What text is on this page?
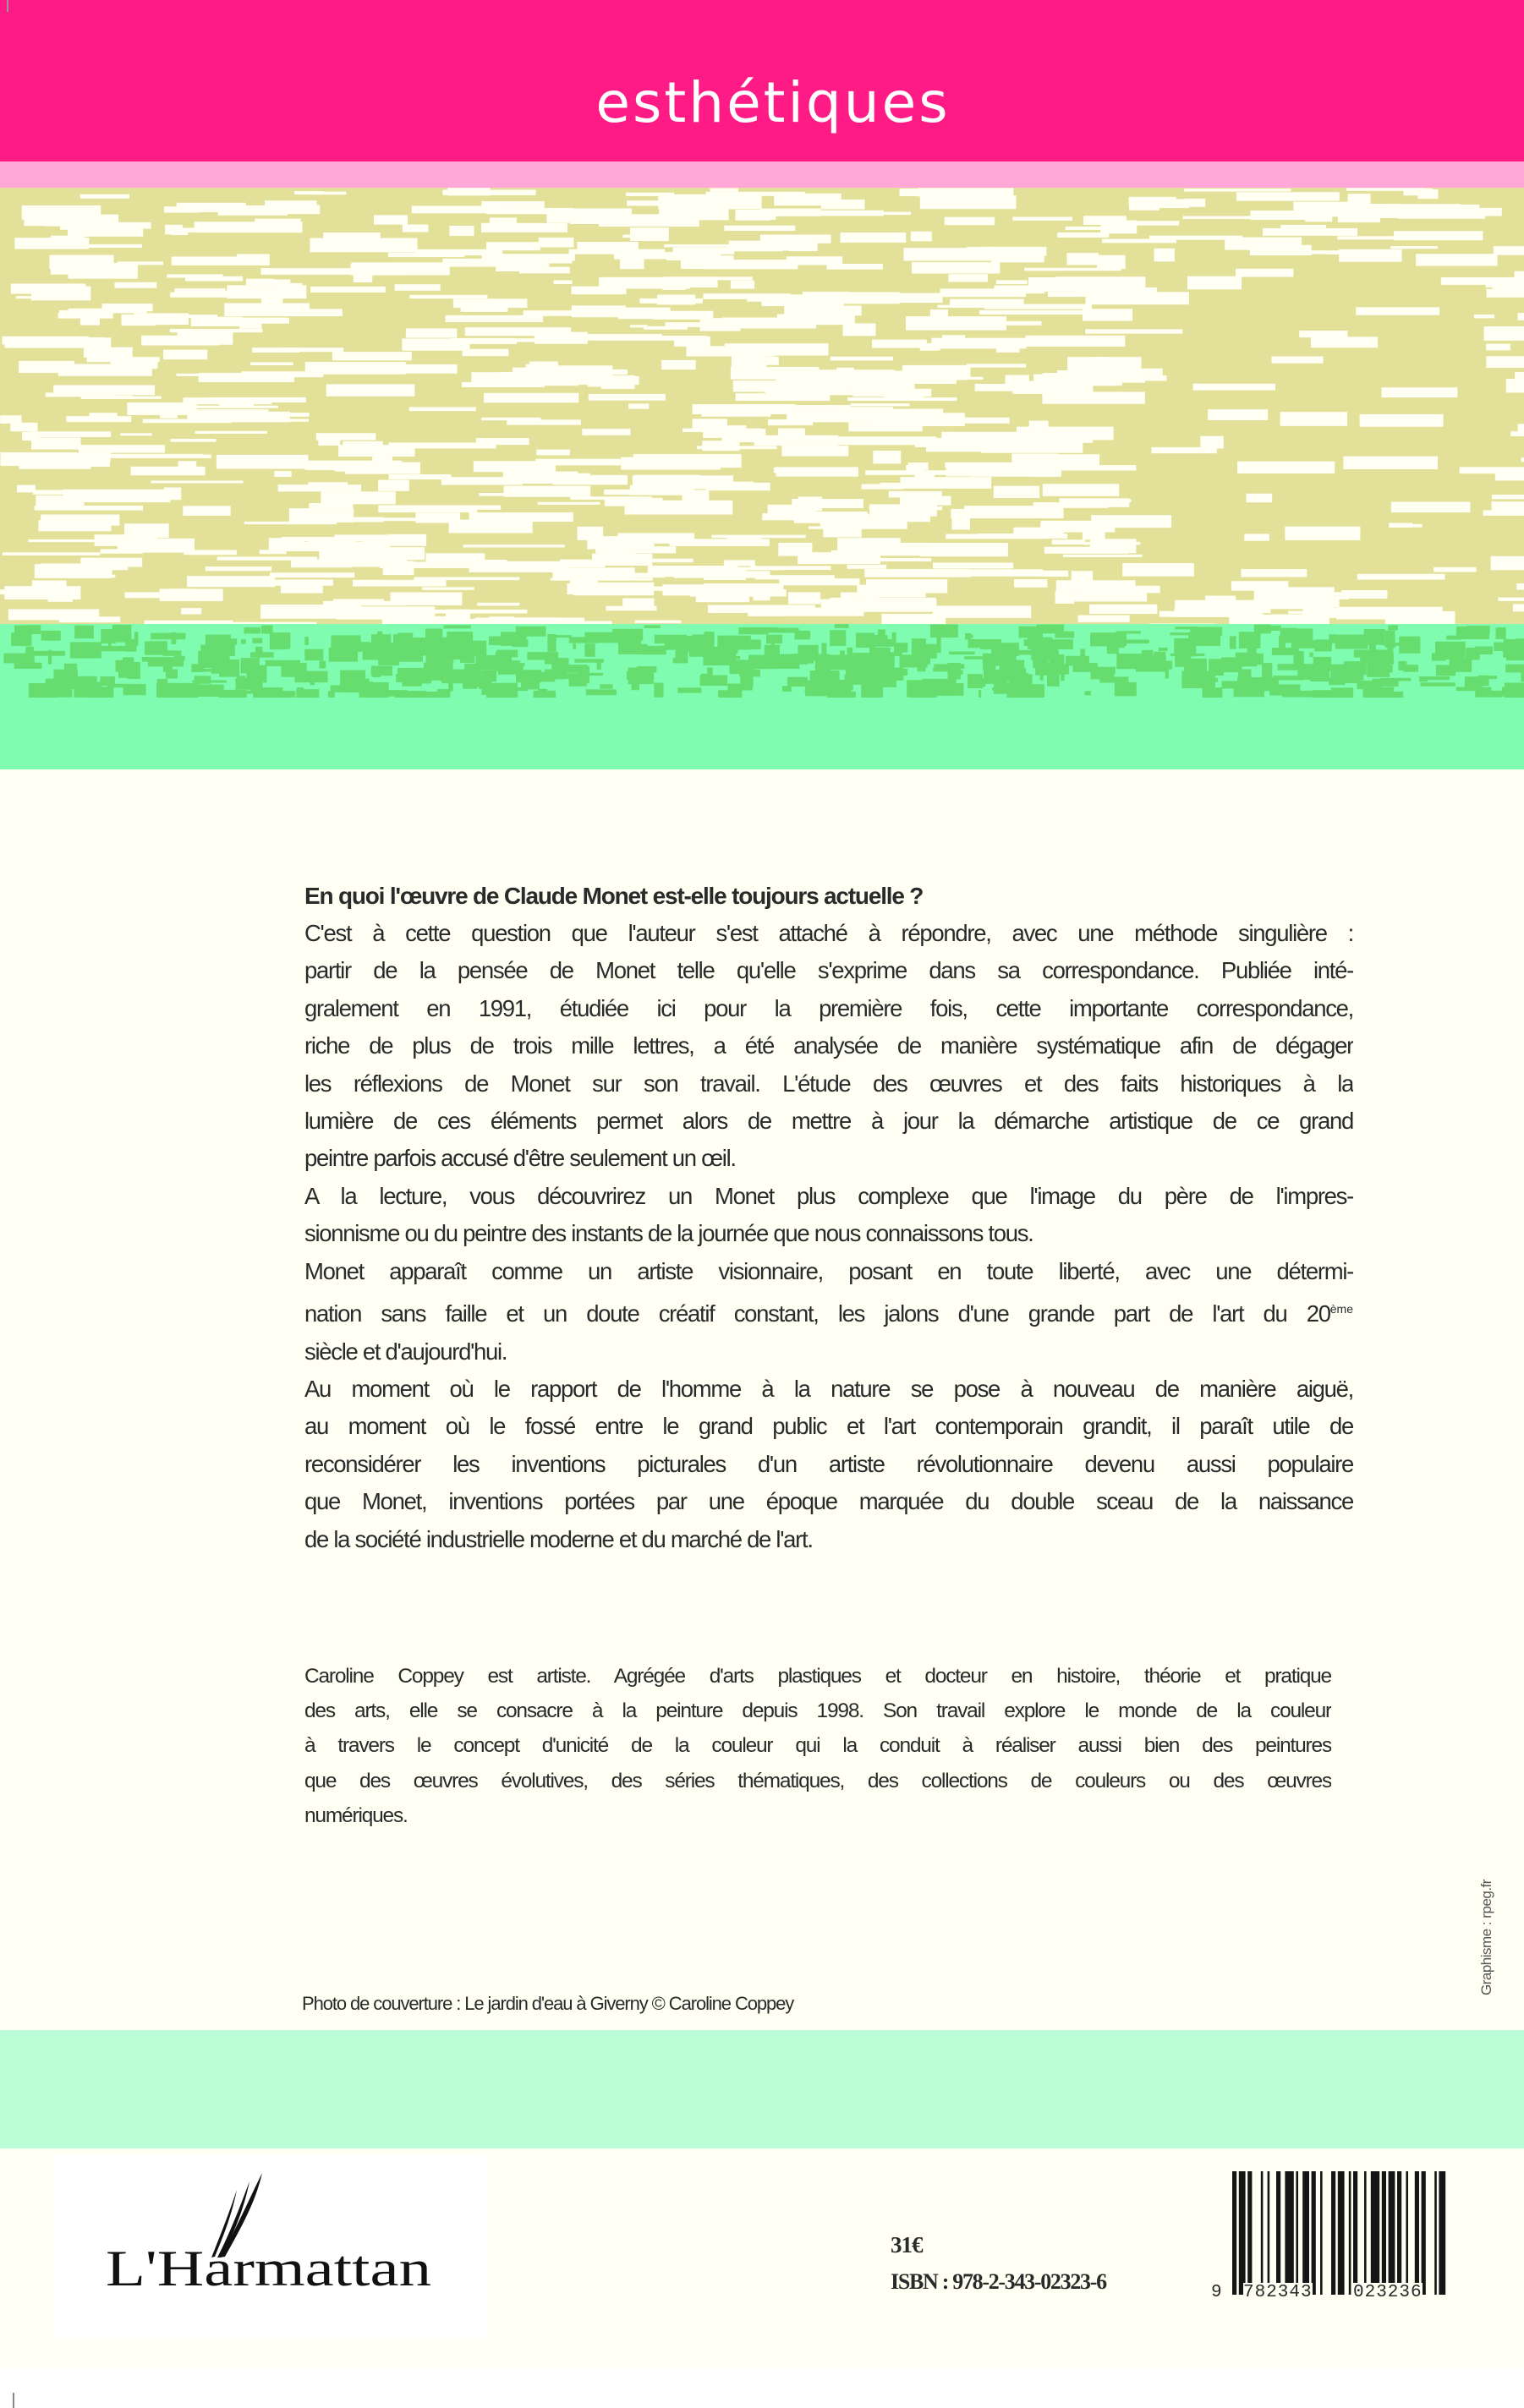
esthétiques
En quoi l'œuvre de Claude Monet est-elle toujours actuelle ?
C'est à cette question que l'auteur s'est attaché à répondre, avec une méthode singulière :
partir de la pensée de Monet telle qu'elle s'exprime dans sa correspondance. Publiée inté-
gralement en 1991, étudiée ici pour la première fois, cette importante correspondance,
riche de plus de trois mille lettres, a été analysée de manière systématique afin de dégager
les réflexions de Monet sur son travail. L'étude des œuvres et des faits historiques à la
lumière de ces éléments permet alors de mettre à jour la démarche artistique de ce grand
peintre parfois accusé d'être seulement un œil.
A la lecture, vous découvrirez un Monet plus complexe que l'image du père de l'impres-
sionnisme ou du peintre des instants de la journée que nous connaissons tous.
Monet apparaît comme un artiste visionnaire, posant en toute liberté, avec une détermi-
nation sans faille et un doute créatif constant, les jalons d'une grande part de l'art du 20ème
siècle et d'aujourd'hui.
Au moment où le rapport de l'homme à la nature se pose à nouveau de manière aiguë,
au moment où le fossé entre le grand public et l'art contemporain grandit, il paraît utile de
reconsidérer les inventions picturales d'un artiste révolutionnaire devenu aussi populaire
que Monet, inventions portées par une époque marquée du double sceau de la naissance
de la société industrielle moderne et du marché de l'art.
Caroline Coppey est artiste. Agrégée d'arts plastiques et docteur en histoire, théorie et pratique
des arts, elle se consacre à la peinture depuis 1998. Son travail explore le monde de la couleur
à travers le concept d'unicité de la couleur qui la conduit à réaliser aussi bien des peintures
que des œuvres évolutives, des séries thématiques, des collections de couleurs ou des œuvres
numériques.
Photo de couverture : Le jardin d'eau à Giverny © Caroline Coppey
Graphisme : rpeg.fr
L'Harmattan	31€
ISBN : 978-2-343-02323-6	9 782343 023236
